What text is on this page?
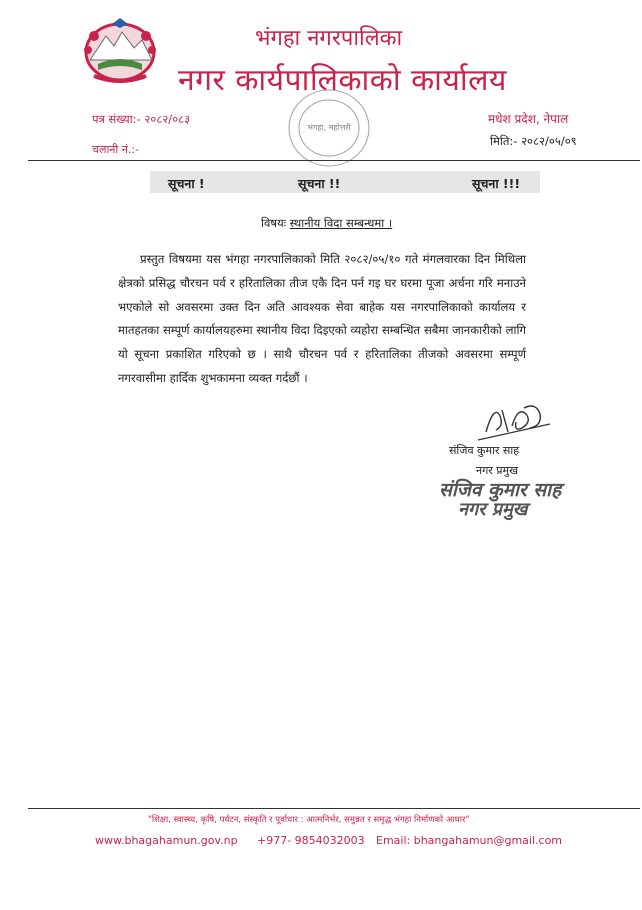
भंगहा नगरपालिका
नगर कार्यपालिकाको कार्यालय
भंगहा, महोत्तरी
पत्र संख्या:- २०८२/०८३
चलानी नं.:-
मधेश प्रदेश, नेपाल
मिति:- २०८२/०५/०९
सूचना !	सूचना !!	सूचना !!!
विषयः स्थानीय विदा सम्बन्धमा ।
प्रस्तुत विषयमा यस भंगहा नगरपालिकाको मिति २०८२/०५/१० गते मंगलवारका दिन मिथिला क्षेत्रको प्रसिद्ध चौरचन पर्व र हरितालिका तीज एकै दिन पर्न गइ घर घरमा पूजा अर्चना गरि मनाउने भएकोले सो अवसरमा उक्त दिन अति आवश्यक सेवा बाहेक यस नगरपालिकाको कार्यालय र मातहतका सम्पूर्ण कार्यालयहरुमा स्थानीय विदा दिइएको व्यहोरा सम्बन्धित सबैमा जानकारीको लागि यो सूचना प्रकाशित गरिएको छ । साथै चौरचन पर्व र हरितालिका तीजको अवसरमा सम्पूर्ण नगरवासीमा हार्दिक शुभकामना व्यक्त गर्दछौं ।
संजिव कुमार साह
नगर प्रमुख
संजिव कुमार साह
नगर प्रमुख
"शिक्षा, स्वास्थ्य, कृषि, पर्यटन, संस्कृति र पूर्वाधार : आत्मनिर्भर, समुन्नत र समृद्ध भंगहा निर्माणको आधार"
www.bhagahamun.gov.np +977- 9854032003 Email: bhangahamun@gmail.com
